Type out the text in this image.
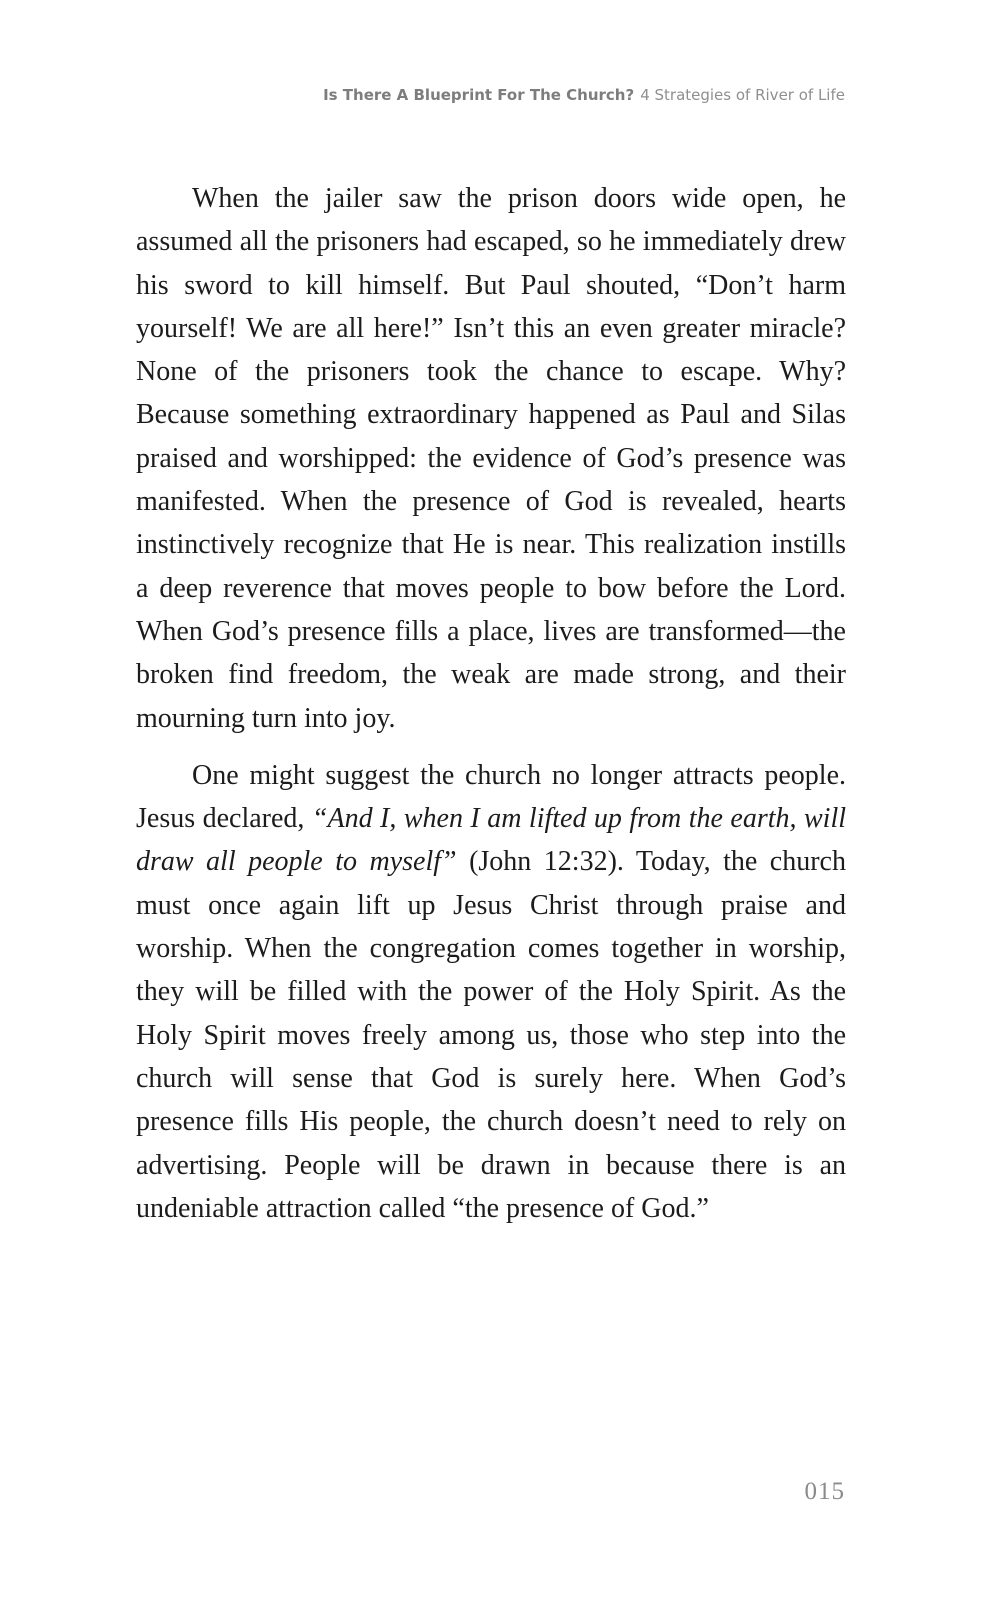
Is There A Blueprint For The Church? 4 Strategies of River of Life

When the jailer saw the prison doors wide open, he assumed all the prisoners had escaped, so he immediately drew his sword to kill himself. But Paul shouted, “Don’t harm yourself! We are all here!” Isn’t this an even greater miracle? None of the prisoners took the chance to escape. Why? Because something extraordinary happened as Paul and Silas praised and worshipped: the evidence of God’s presence was manifested. When the presence of God is revealed, hearts instinctively recognize that He is near. This realization instills a deep reverence that moves people to bow before the Lord. When God’s presence fills a place, lives are transformed—the broken find freedom, the weak are made strong, and their mourning turn into joy.

One might suggest the church no longer attracts people. Jesus declared, “And I, when I am lifted up from the earth, will draw all people to myself” (John 12:32). Today, the church must once again lift up Jesus Christ through praise and worship. When the congregation comes together in worship, they will be filled with the power of the Holy Spirit. As the Holy Spirit moves freely among us, those who step into the church will sense that God is surely here. When God’s presence fills His people, the church doesn’t need to rely on advertising. People will be drawn in because there is an undeniable attraction called “the presence of God.”

015
